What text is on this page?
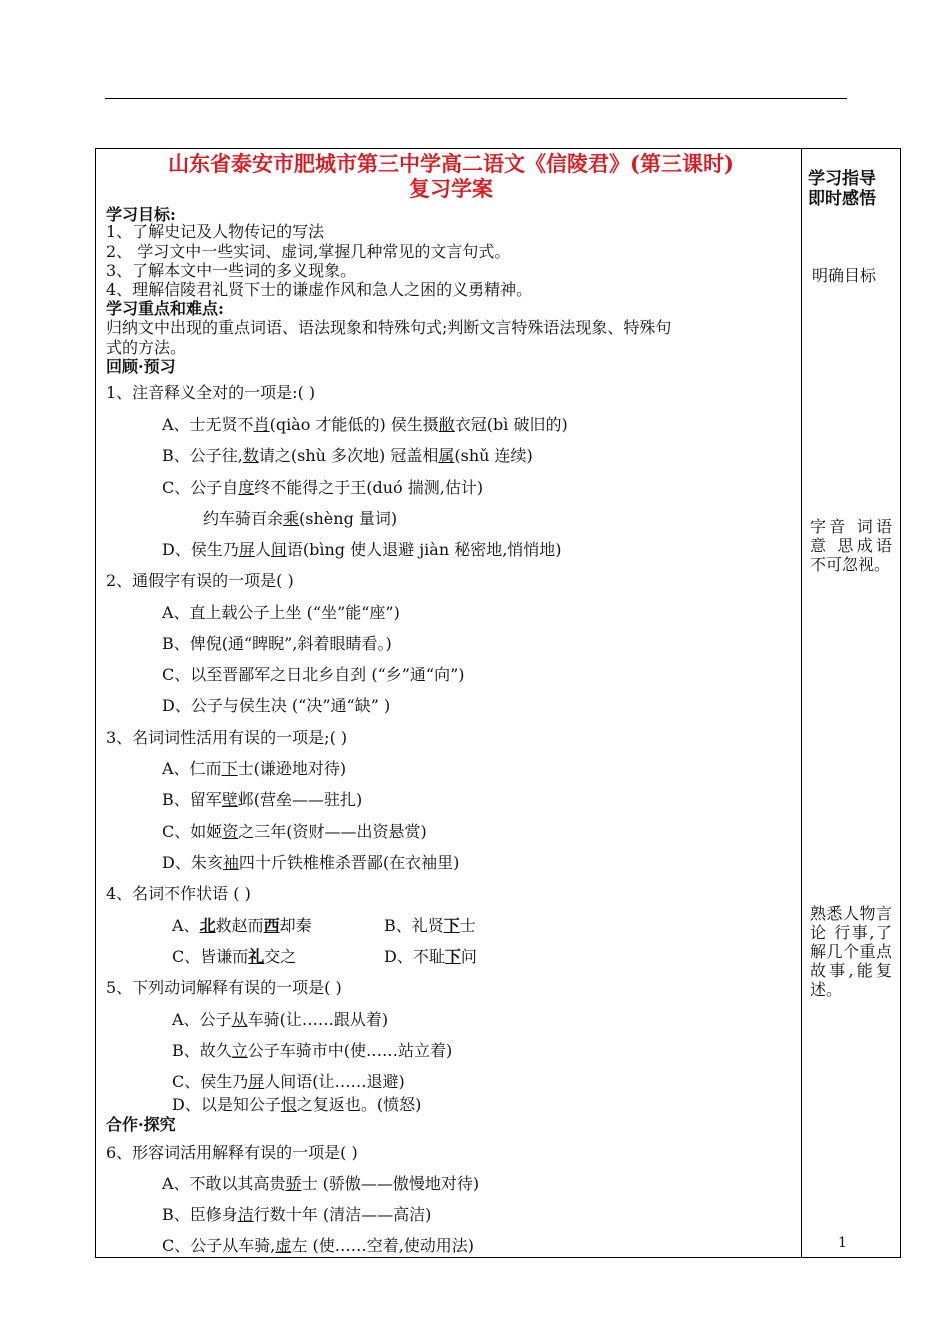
山东省泰安市肥城市第三中学高二语文《信陵君》(第三课时)
复习学案
学习目标:
1、了解史记及人物传记的写法
2、 学习文中一些实词、虚词,掌握几种常见的文言句式。
3、了解本文中一些词的多义现象。
4、理解信陵君礼贤下士的谦虚作风和急人之困的义勇精神。
学习重点和难点:
归纳文中出现的重点词语、语法现象和特殊句式;判断文言特殊语法现象、特殊句
式的方法。
回顾·预习
1、注音释义全对的一项是:( )
A、士无贤不肖(qiào 才能低的) 侯生摄敝衣冠(bì 破旧的)
B、公子往,数请之(shù 多次地) 冠盖相属(shǔ 连续)
C、公子自度终不能得之于王(duó 揣测,估计)
约车骑百余乘(shèng 量词)
D、侯生乃屏人间语(bìng 使人退避 jiàn 秘密地,悄悄地)
2、通假字有误的一项是( )
A、直上载公子上坐 (“坐”能“座”)
B、俾倪(通“睥睨”,斜着眼睛看。)
C、以至晋鄙军之日北乡自刭 (“乡”通“向”)
D、公子与侯生决 (“决”通“缺” )
3、名词词性活用有误的一项是;( )
A、仁而下士(谦逊地对待)
B、留军壁邺(营垒——驻扎)
C、如姬资之三年(资财——出资悬赏)
D、朱亥袖四十斤铁椎椎杀晋鄙(在衣袖里)
4、名词不作状语 ( )
A、北救赵而西却秦	B、礼贤下士
C、皆谦而礼交之	D、不耻下问
5、下列动词解释有误的一项是( )
A、公子从车骑(让……跟从着)
B、故久立公子车骑市中(使……站立着)
C、侯生乃屏人间语(让……退避)
D、以是知公子恨之复返也。(愤怒)
合作·探究
6、形容词活用解释有误的一项是( )
A、不敢以其高贵骄士 (骄傲——傲慢地对待)
B、臣修身洁行数十年 (清洁——高洁)
C、公子从车骑,虚左 (使……空着,使动用法)
学习指导
即时感悟
明确目标
字音 词语 意 思成语不可忽视。
熟悉人物言 论 行事,了解几个重点故事,能复述。
1
